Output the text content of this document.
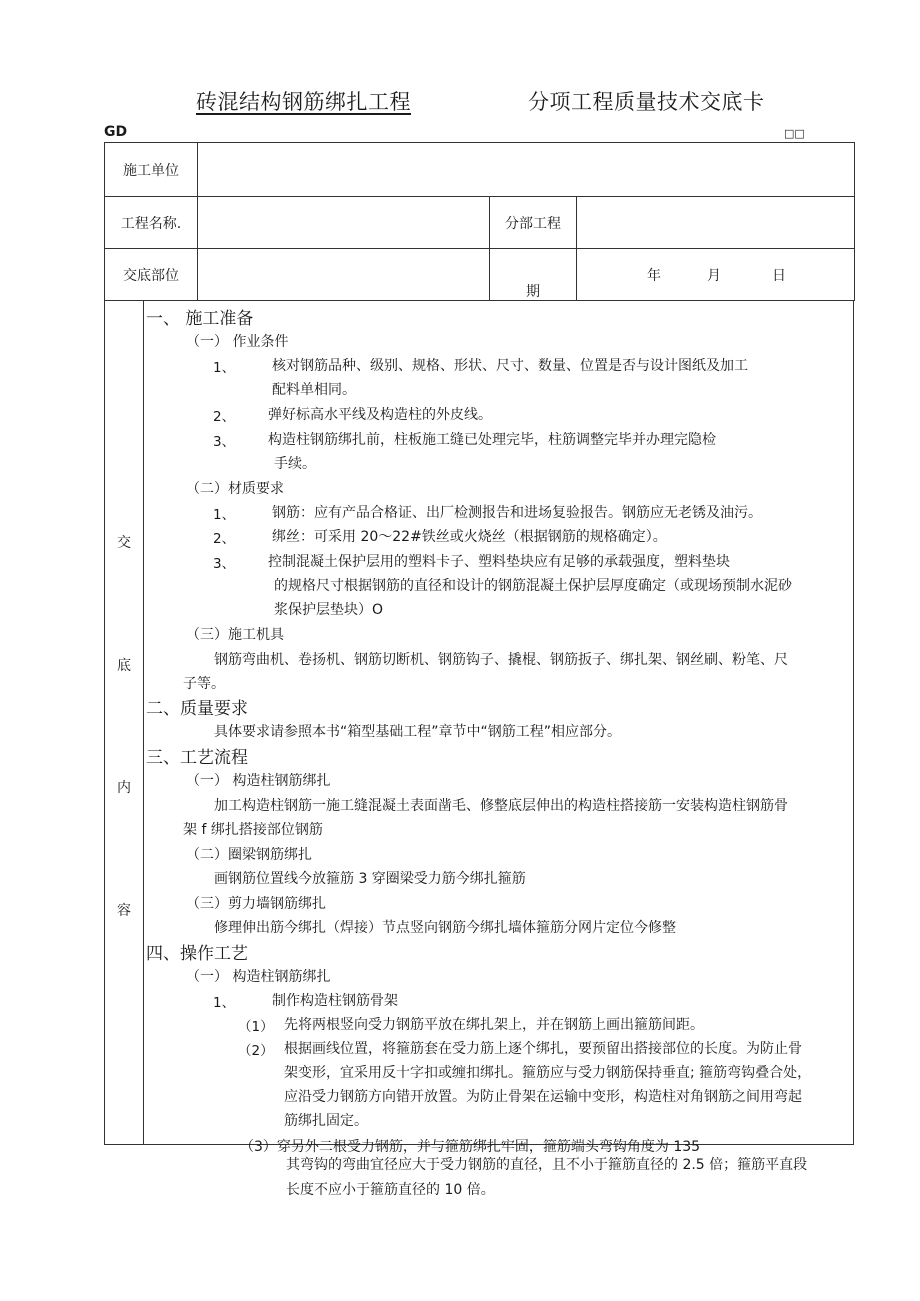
砖混结构钢筋绑扎工程	分项工程质量技术交底卡
GD	□□
施工单位			
工程名称.		分部工程	
交底部位		期	年 月 日
交
底
内
容
一、 施工准备
（一） 作业条件
1、	核对钢筋品种、级别、规格、形状、尺寸、数量、位置是否与设计图纸及加工
配料单相同。
2、 弹好标高水平线及构造柱的外皮线。
3、 构造柱钢筋绑扎前，柱板施工缝已处理完毕，柱筋调整完毕并办理完隐检
手续。
（二）材质要求
1、	钢筋：应有产品合格证、出厂检测报告和进场复验报告。钢筋应无老锈及油污。
2、	绑丝：可采用 20～22#铁丝或火烧丝（根据钢筋的规格确定）。
3、 控制混凝土保护层用的塑料卡子、塑料垫块应有足够的承载强度，塑料垫块
的规格尺寸根据钢筋的直径和设计的钢筋混凝土保护层厚度确定（或现场预制水泥砂
浆保护层垫块）O
（三）施工机具
钢筋弯曲机、卷扬机、钢筋切断机、钢筋钩子、撬棍、钢筋扳子、绑扎架、钢丝刷、粉笔、尺
子等。
二、质量要求
具体要求请参照本书“箱型基础工程”章节中“钢筋工程”相应部分。
三、工艺流程
（一） 构造柱钢筋绑扎
加工构造柱钢筋一施工缝混凝土表面凿毛、修整底层伸出的构造柱搭接筋一安装构造柱钢筋骨
架 f 绑扎搭接部位钢筋
（二）圈梁钢筋绑扎
画钢筋位置线今放箍筋 3 穿圈梁受力筋今绑扎箍筋
（三）剪力墙钢筋绑扎
修理伸出筋今绑扎（焊接）节点竖向钢筋今绑扎墙体箍筋分网片定位今修整
四、操作工艺
（一） 构造柱钢筋绑扎
1、	制作构造柱钢筋骨架
（1） 先将两根竖向受力钢筋平放在绑扎架上，并在钢筋上画出箍筋间距。
（2） 根据画线位置，将箍筋套在受力筋上逐个绑扎，要预留出搭接部位的长度。为防止骨
架变形，宜采用反十字扣或缠扣绑扎。箍筋应与受力钢筋保持垂直; 箍筋弯钩叠合处，
应沿受力钢筋方向错开放置。为防止骨架在运输中变形，构造柱对角钢筋之间用弯起
筋绑扎固定。
（3）穿另外二根受力钢筋，并与箍筋绑扎牢固，箍筋端头弯钩角度为 135
其弯钩的弯曲宜径应大于受力钢筋的直径，且不小于箍筋直径的 2.5 倍；箍筋平直段
长度不应小于箍筋直径的 10 倍。
